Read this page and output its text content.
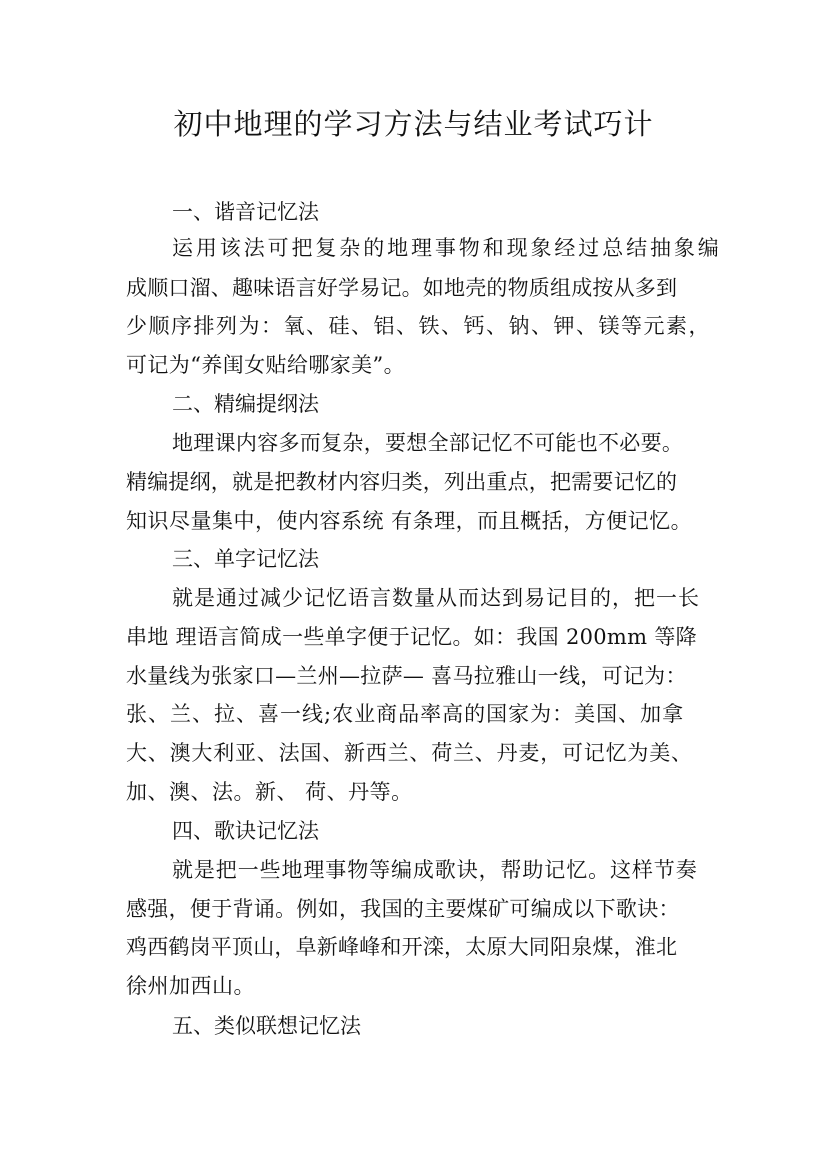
初中地理的学习方法与结业考试巧计
一、谐音记忆法
运用该法可把复杂的地理事物和现象经过总结抽象编
成顺口溜、趣味语言好学易记。如地壳的物质组成按从多到
少顺序排列为：氧、硅、铝、铁、钙、钠、钾、镁等元素，
可记为“养闺女贴给哪家美”。
二、精编提纲法
地理课内容多而复杂，要想全部记忆不可能也不必要。
精编提纲，就是把教材内容归类，列出重点，把需要记忆的
知识尽量集中，使内容系统 有条理，而且概括，方便记忆。
三、单字记忆法
就是通过减少记忆语言数量从而达到易记目的，把一长
串地 理语言简成一些单字便于记忆。如：我国 200mm 等降
水量线为张家口—兰州—拉萨— 喜马拉雅山一线，可记为：
张、兰、拉、喜一线;农业商品率高的国家为：美国、加拿
大、澳大利亚、法国、新西兰、荷兰、丹麦，可记忆为美、
加、澳、法。新、 荷、丹等。
四、歌诀记忆法
就是把一些地理事物等编成歌诀，帮助记忆。这样节奏
感强，便于背诵。例如，我国的主要煤矿可编成以下歌诀：
鸡西鹤岗平顶山，阜新峰峰和开滦，太原大同阳泉煤，淮北
徐州加西山。
五、类似联想记忆法
